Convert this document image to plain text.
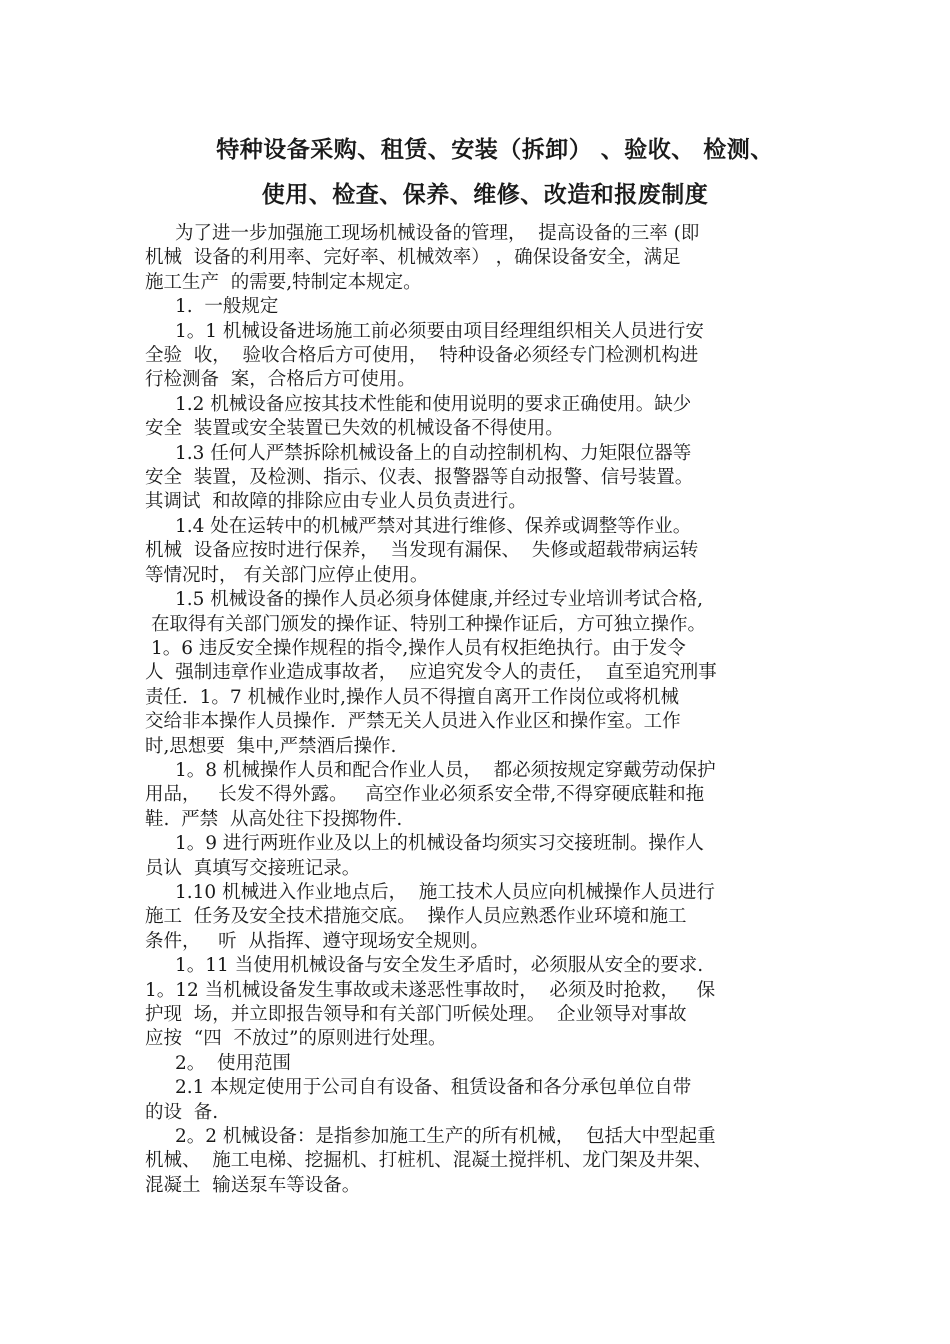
特种设备采购、租赁、安装（拆卸） 、验收、 检测、
使用、检查、保养、维修、改造和报废制度
为了进一步加强施工现场机械设备的管理，  提高设备的三率 (即
机械  设备的利用率、完好率、机械效率） ，确保设备安全，满足
施工生产  的需要,特制定本规定。
1.  一般规定
1。1 机械设备进场施工前必须要由项目经理组织相关人员进行安
全验  收，  验收合格后方可使用，  特种设备必须经专门检测机构进
行检测备  案，合格后方可使用。
1.2 机械设备应按其技术性能和使用说明的要求正确使用。缺少
安全  装置或安全装置已失效的机械设备不得使用。
1.3 任何人严禁拆除机械设备上的自动控制机构、力矩限位器等
安全  装置，及检测、指示、仪表、报警器等自动报警、信号装置。
其调试  和故障的排除应由专业人员负责进行。
1.4 处在运转中的机械严禁对其进行维修、保养或调整等作业。
机械  设备应按时进行保养，  当发现有漏保、  失修或超载带病运转
等情况时， 有关部门应停止使用。
1.5 机械设备的操作人员必须身体健康,并经过专业培训考试合格,
在取得有关部门颁发的操作证、特别工种操作证后，方可独立操作。
1。6 违反安全操作规程的指令,操作人员有权拒绝执行。由于发令
人  强制违章作业造成事故者，  应追究发令人的责任，  直至追究刑事
责任.  1。7 机械作业时,操作人员不得擅自离开工作岗位或将机械
交给非本操作人员操作.  严禁无关人员进入作业区和操作室。工作
时,思想要  集中,严禁酒后操作.
1。8 机械操作人员和配合作业人员，  都必须按规定穿戴劳动保护
用品，   长发不得外露。   高空作业必须系安全带,不得穿硬底鞋和拖
鞋.  严禁  从高处往下投掷物件.
1。9 进行两班作业及以上的机械设备均须实习交接班制。操作人
员认  真填写交接班记录。
1.10 机械进入作业地点后，  施工技术人员应向机械操作人员进行
施工  任务及安全技术措施交底。  操作人员应熟悉作业环境和施工
条件，   听  从指挥、遵守现场安全规则。
1。11 当使用机械设备与安全发生矛盾时，必须服从安全的要求.
1。12 当机械设备发生事故或未遂恶性事故时，  必须及时抢救，   保
护现  场，并立即报告领导和有关部门听候处理。  企业领导对事故
应按  “四  不放过”的原则进行处理。
2。  使用范围
2.1 本规定使用于公司自有设备、租赁设备和各分承包单位自带
的设  备.
2。2 机械设备：是指参加施工生产的所有机械，  包括大中型起重
机械、  施工电梯、挖掘机、打桩机、混凝土搅拌机、龙门架及井架、
混凝土  输送泵车等设备。
